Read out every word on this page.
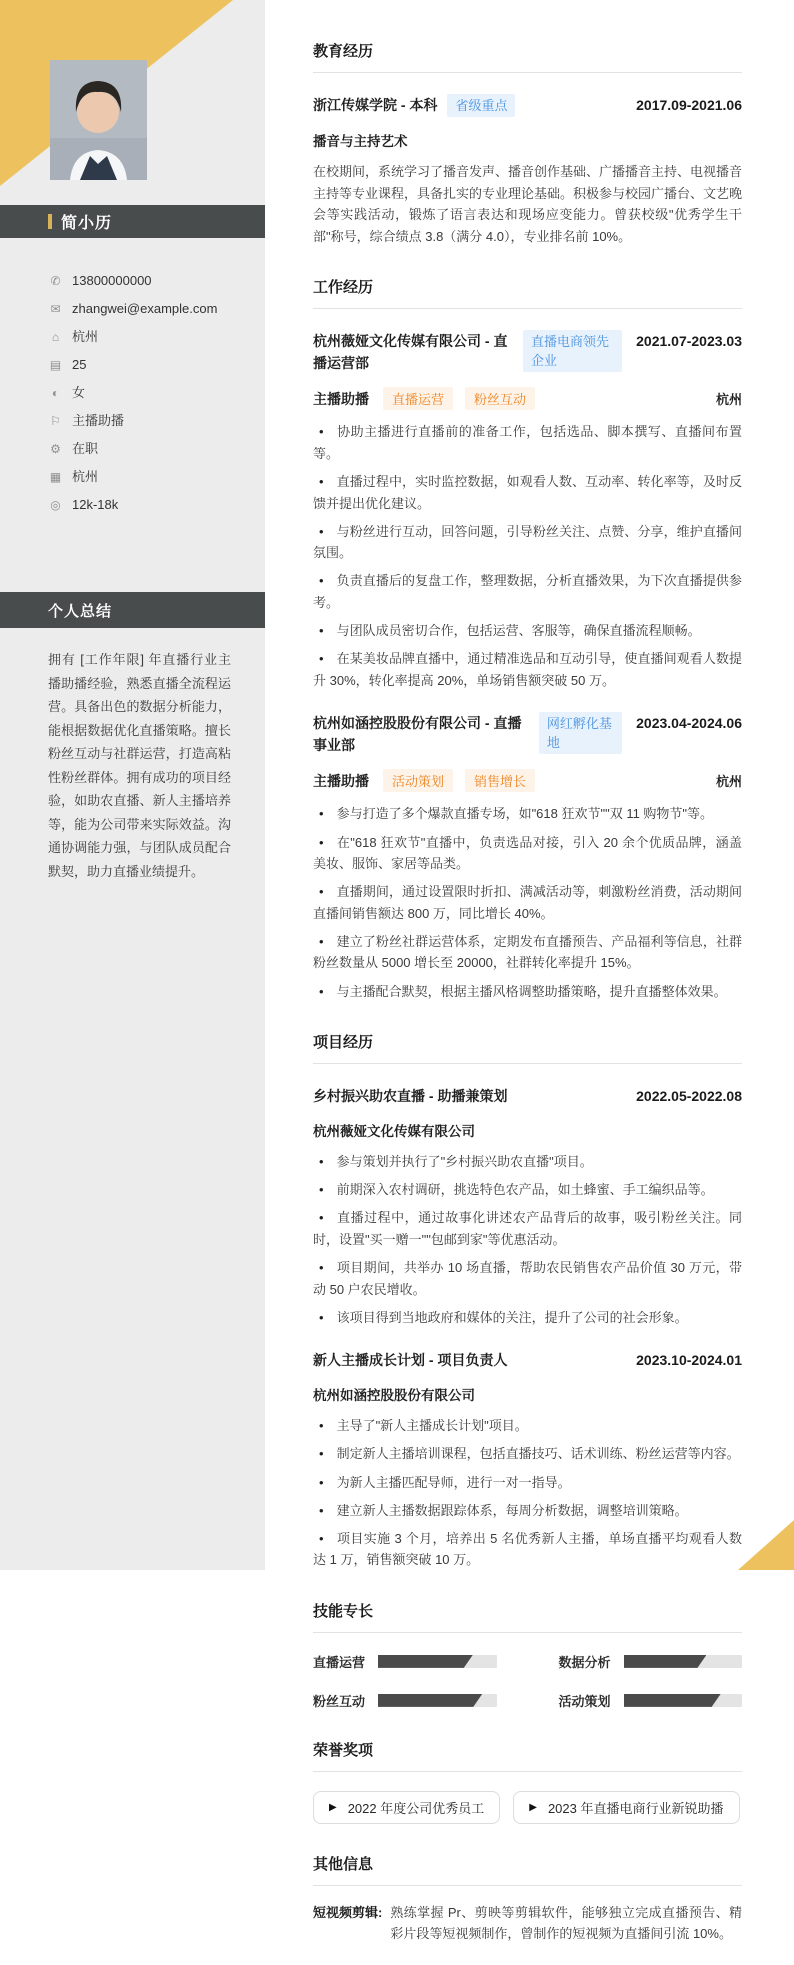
简小历
✆ 13800000000
✉ zhangwei@example.com
⌂ 杭州
▤ 25
◐ 女
⚐ 主播助播
⚙ 在职
▦ 杭州
◎ 12k-18k
个人总结

拥有 [工作年限] 年直播行业主播助播经验，熟悉直播全流程运营。具备出色的数据分析能力，能根据数据优化直播策略。擅长粉丝互动与社群运营，打造高粘性粉丝群体。拥有成功的项目经验，如助农直播、新人主播培养等，能为公司带来实际效益。沟通协调能力强，与团队成员配合默契，助力直播业绩提升。

教育经历
浙江传媒学院 - 本科	省级重点	2017.09-2021.06
播音与主持艺术

在校期间，系统学习了播音发声、播音创作基础、广播播音主持、电视播音主持等专业课程，具备扎实的专业理论基础。积极参与校园广播台、文艺晚会等实践活动，锻炼了语言表达和现场应变能力。曾获校级"优秀学生干部"称号，综合绩点 3.8（满分 4.0），专业排名前 10%。

工作经历
杭州薇娅文化传媒有限公司 - 直播运营部
直播电商领先企业
2021.07-2023.03
主播助播	直播运营	粉丝互动	杭州
• 协助主播进行直播前的准备工作，包括选品、脚本撰写、直播间布置等。
• 直播过程中，实时监控数据，如观看人数、互动率、转化率等，及时反馈并提出优化建议。
• 与粉丝进行互动，回答问题，引导粉丝关注、点赞、分享，维护直播间氛围。
• 负责直播后的复盘工作，整理数据，分析直播效果，为下次直播提供参考。
• 与团队成员密切合作，包括运营、客服等，确保直播流程顺畅。
• 在某美妆品牌直播中，通过精准选品和互动引导，使直播间观看人数提升 30%，转化率提高 20%，单场销售额突破 50 万。
杭州如涵控股股份有限公司 - 直播事业部
网红孵化基地
2023.04-2024.06
主播助播	活动策划	销售增长	杭州
• 参与打造了多个爆款直播专场，如"618 狂欢节""双 11 购物节"等。
• 在"618 狂欢节"直播中，负责选品对接，引入 20 余个优质品牌，涵盖美妆、服饰、家居等品类。
• 直播期间，通过设置限时折扣、满减活动等，刺激粉丝消费，活动期间直播间销售额达 800 万，同比增长 40%。
• 建立了粉丝社群运营体系，定期发布直播预告、产品福利等信息，社群粉丝数量从 5000 增长至 20000，社群转化率提升 15%。
• 与主播配合默契，根据主播风格调整助播策略，提升直播整体效果。
项目经历
乡村振兴助农直播 - 助播兼策划	2022.05-2022.08
杭州薇娅文化传媒有限公司
• 参与策划并执行了"乡村振兴助农直播"项目。
• 前期深入农村调研，挑选特色农产品，如土蜂蜜、手工编织品等。
• 直播过程中，通过故事化讲述农产品背后的故事，吸引粉丝关注。同时，设置"买一赠一""包邮到家"等优惠活动。
• 项目期间，共举办 10 场直播，帮助农民销售农产品价值 30 万元，带动 50 户农民增收。
• 该项目得到当地政府和媒体的关注，提升了公司的社会形象。
新人主播成长计划 - 项目负责人	2023.10-2024.01
杭州如涵控股股份有限公司
• 主导了"新人主播成长计划"项目。
• 制定新人主播培训课程，包括直播技巧、话术训练、粉丝运营等内容。
• 为新人主播匹配导师，进行一对一指导。
• 建立新人主播数据跟踪体系，每周分析数据，调整培训策略。
• 项目实施 3 个月，培养出 5 名优秀新人主播，单场直播平均观看人数达 1 万，销售额突破 10 万。
技能专长
直播运营	数据分析
粉丝互动	活动策划
荣誉奖项
▶ 2022 年度公司优秀员工	▶ 2023 年直播电商行业新锐助播
其他信息
短视频剪辑: 熟练掌握 Pr、剪映等剪辑软件，能够独立完成直播预告、精彩片段等短视频制作，曾制作的短视频为直播间引流 10%。
